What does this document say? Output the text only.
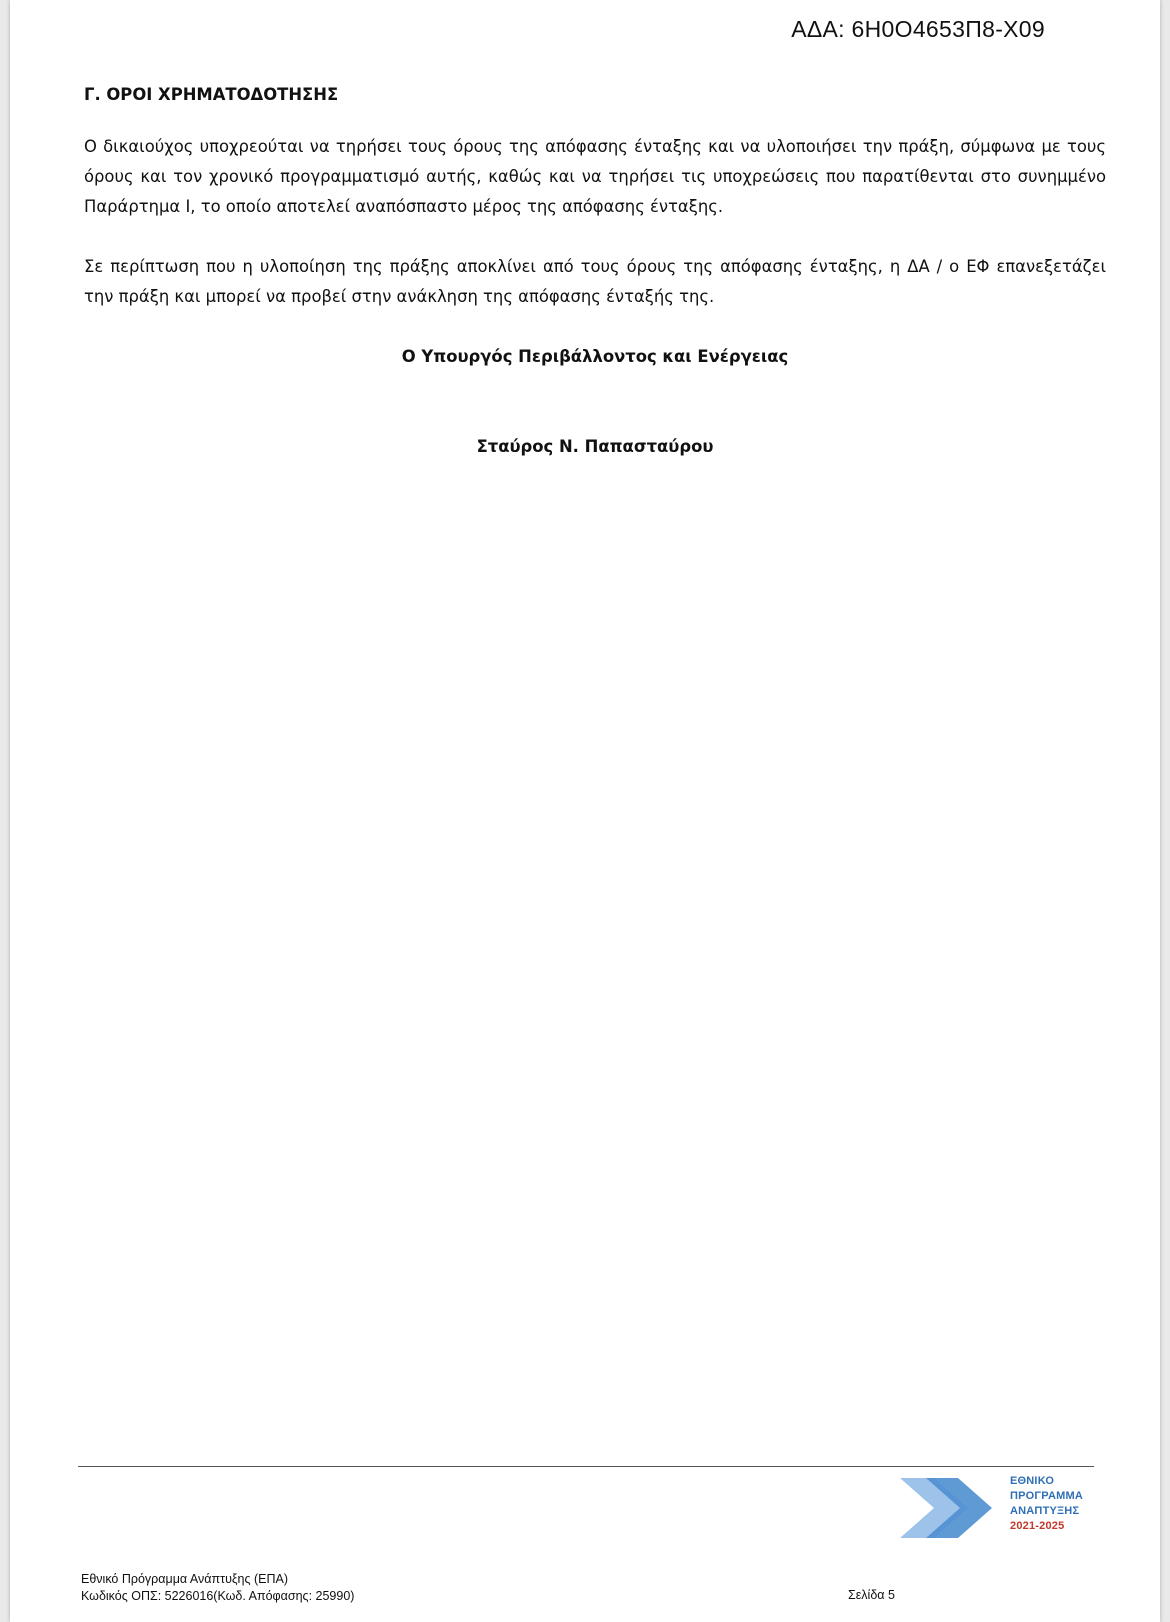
ΑΔΑ: 6Η0Ο4653Π8-Χ09
Γ. ΟΡΟΙ ΧΡΗΜΑΤΟΔΟΤΗΣΗΣ

Ο δικαιούχος υποχρεούται να τηρήσει τους όρους της απόφασης ένταξης και να υλοποιήσει την πράξη, σύμφωνα με τους όρους και τον χρονικό προγραμματισμό αυτής, καθώς και να τηρήσει τις υποχρεώσεις που παρατίθενται στο συνημμένο Παράρτημα Ι, το οποίο αποτελεί αναπόσπαστο μέρος της απόφασης ένταξης.

Σε περίπτωση που η υλοποίηση της πράξης αποκλίνει από τους όρους της απόφασης ένταξης, η ΔΑ / ο ΕΦ επανεξετάζει την πράξη και μπορεί να προβεί στην ανάκληση της απόφασης ένταξής της.

Ο Υπουργός Περιβάλλοντος και Ενέργειας
Σταύρος Ν. Παπασταύρου
ΕΘΝΙΚΟ
ΠΡΟΓΡΑΜΜΑ
ΑΝΑΠΤΥΞΗΣ
2021-2025
Εθνικό Πρόγραμμα Ανάπτυξης (ΕΠΑ)
Κωδικός ΟΠΣ: 5226016(Κωδ. Απόφασης: 25990)	Σελίδα 5
